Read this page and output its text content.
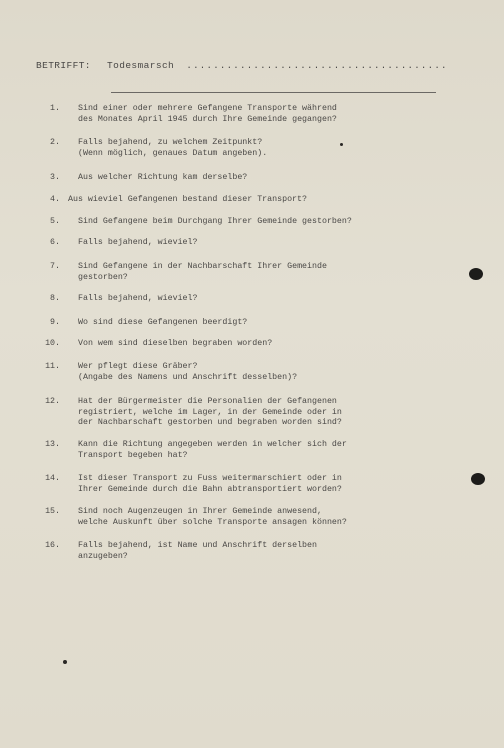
BETRIFFT: Todesmarsch .......................................
1. Sind einer oder mehrere Gefangene Transporte während
des Monates April 1945 durch Ihre Gemeinde gegangen?
2. Falls bejahend, zu welchem Zeitpunkt?
(Wenn möglich, genaues Datum angeben).
3. Aus welcher Richtung kam derselbe?
4. Aus wieviel Gefangenen bestand dieser Transport?
5. Sind Gefangene beim Durchgang Ihrer Gemeinde gestorben?
6. Falls bejahend, wieviel?
7. Sind Gefangene in der Nachbarschaft Ihrer Gemeinde
gestorben?
8. Falls bejahend, wieviel?
9. Wo sind diese Gefangenen beerdigt?
10. Von wem sind dieselben begraben worden?
11. Wer pflegt diese Gräber?
(Angabe des Namens und Anschrift desselben)?
12. Hat der Bürgermeister die Personalien der Gefangenen
registriert, welche im Lager, in der Gemeinde oder in
der Nachbarschaft gestorben und begraben worden sind?
13. Kann die Richtung angegeben werden in welcher sich der
Transport begeben hat?
14. Ist dieser Transport zu Fuss weitermarschiert oder in
Ihrer Gemeinde durch die Bahn abtransportiert worden?
15. Sind noch Augenzeugen in Ihrer Gemeinde anwesend,
welche Auskunft über solche Transporte ansagen können?
16. Falls bejahend, ist Name und Anschrift derselben
anzugeben?
